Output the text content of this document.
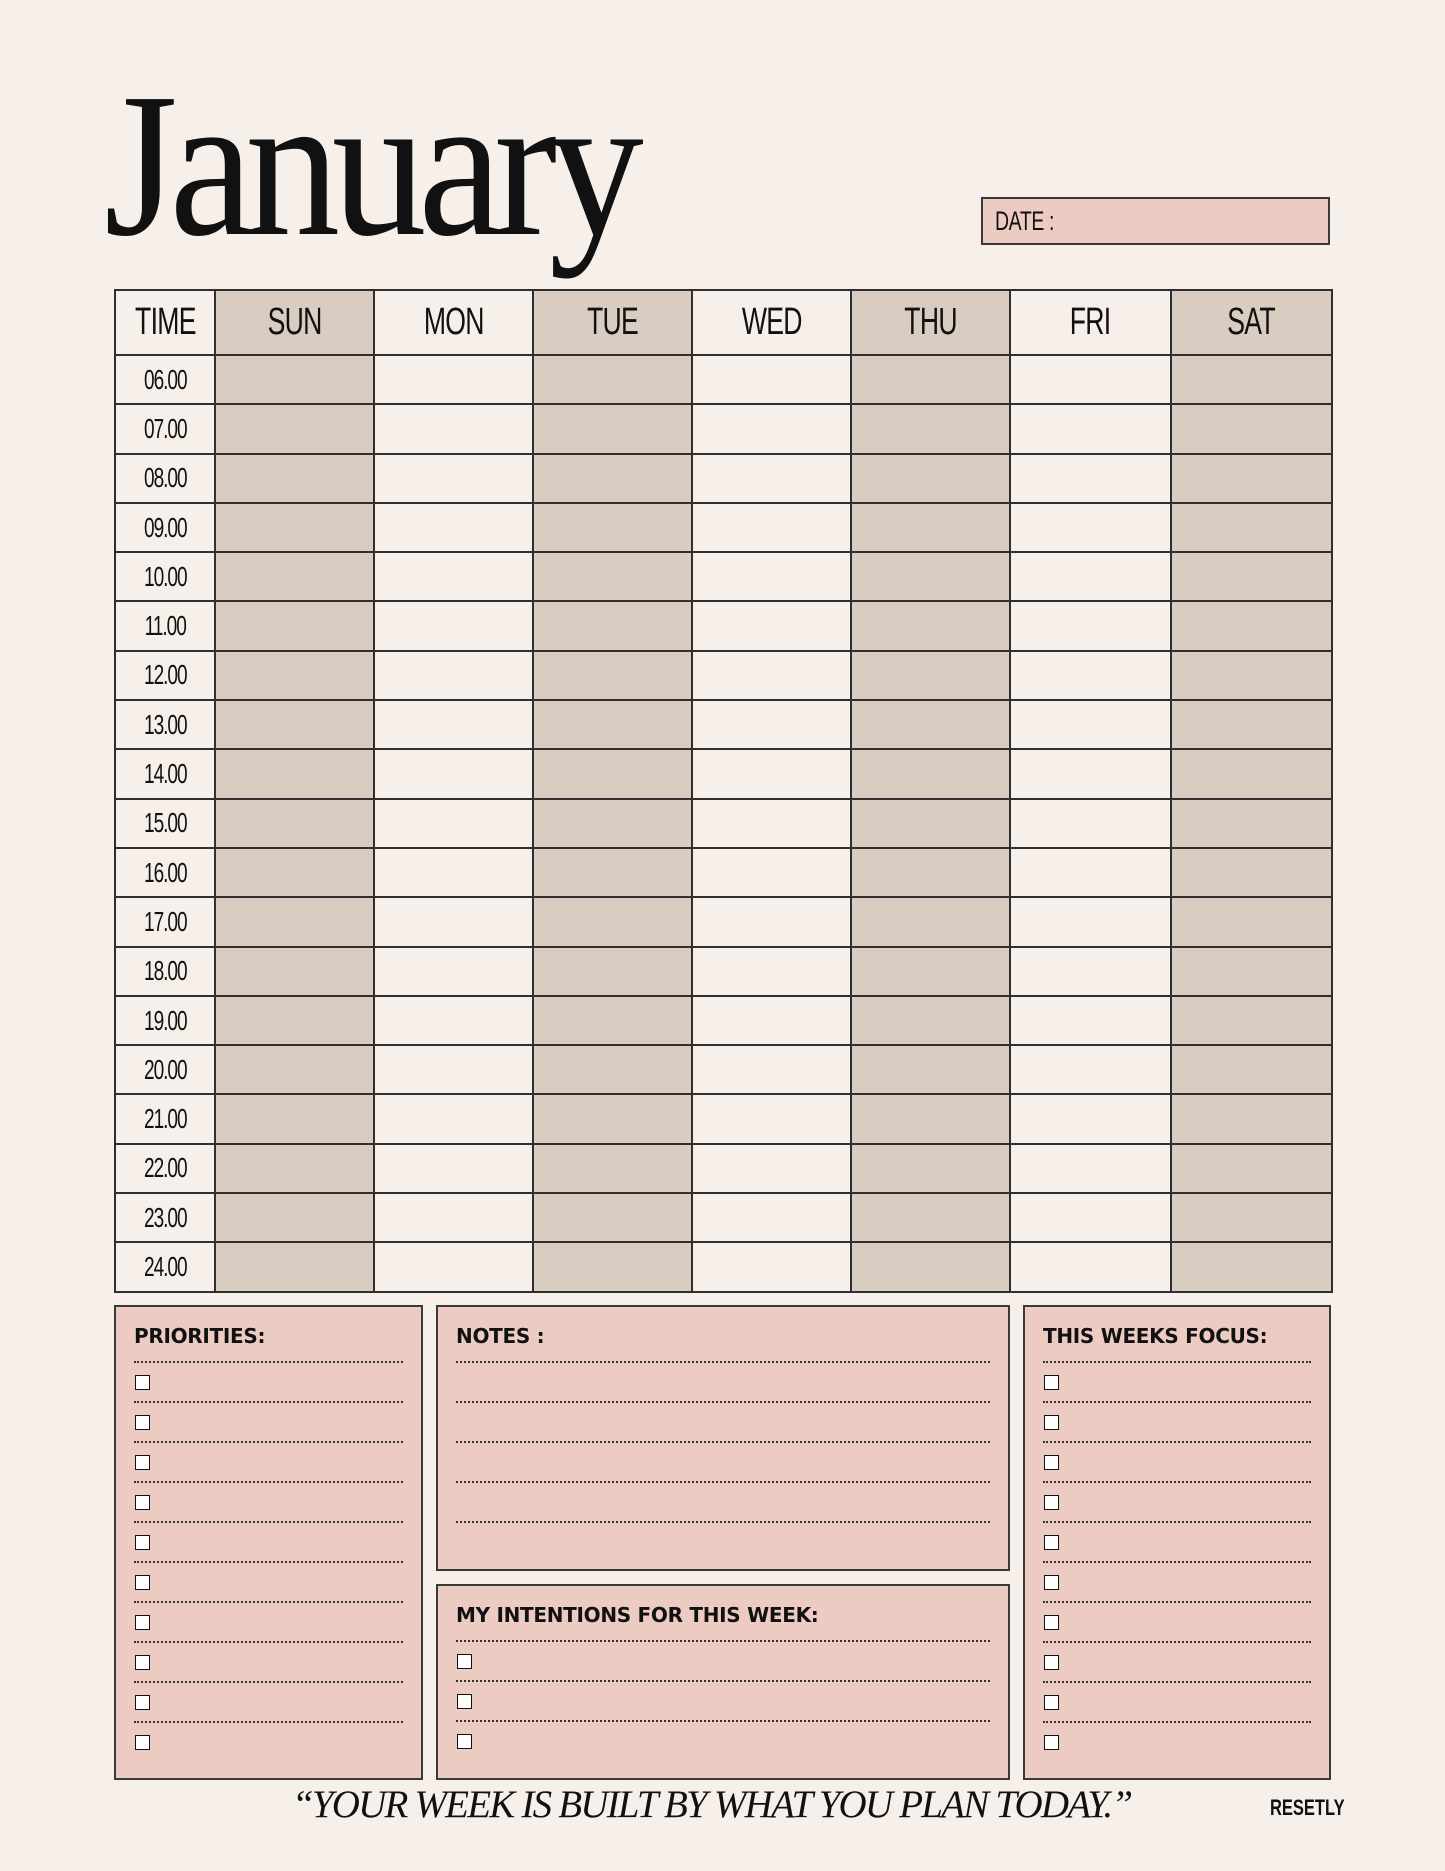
January	DATE :
TIME	SUN	MON	TUE	WED	THU	FRI	SAT
06.00							
07.00							
08.00							
09.00							
10.00							
11.00							
12.00							
13.00							
14.00							
15.00							
16.00							
17.00							
18.00							
19.00							
20.00							
21.00							
22.00							
23.00							
24.00							
PRIORITIES:	NOTES :
MY INTENTIONS FOR THIS WEEK:
THIS WEEKS FOCUS:
“YOUR WEEK IS BUILT BY WHAT YOU PLAN TODAY.”	RESETLY
